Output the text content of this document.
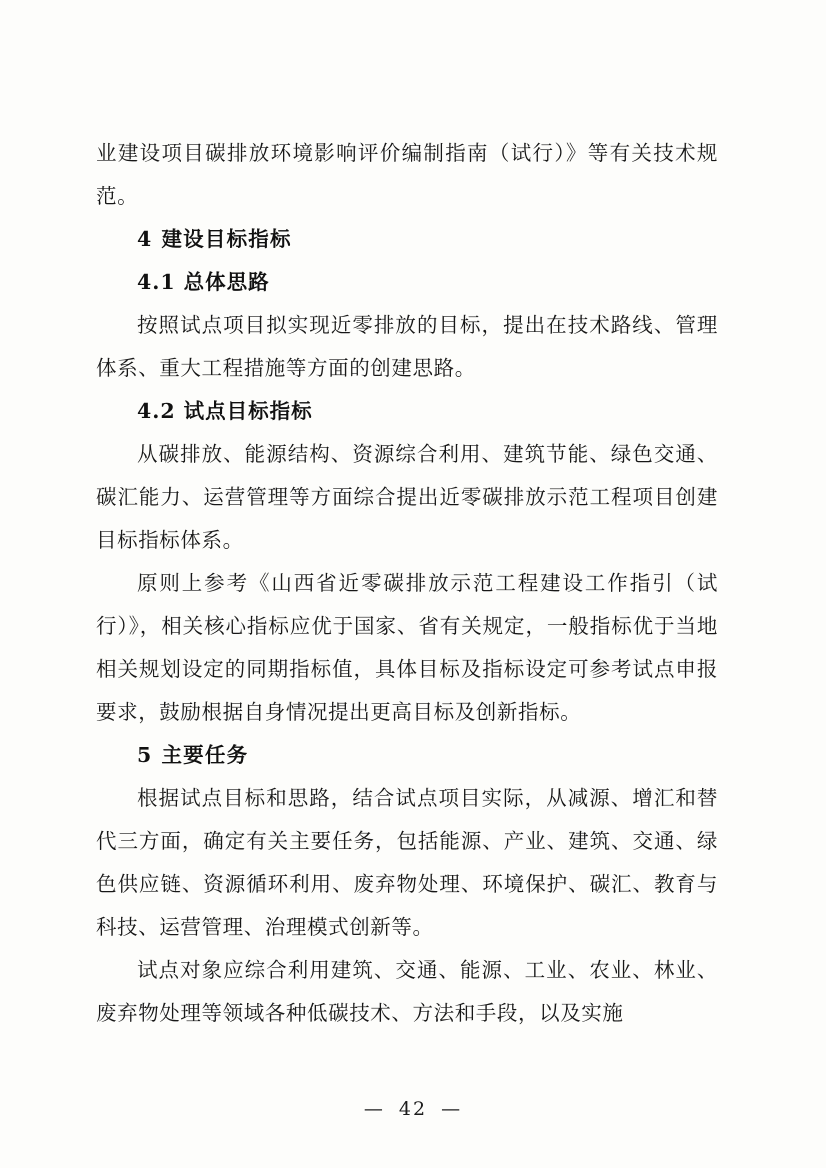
业建设项目碳排放环境影响评价编制指南（试行）》等有关技术规范。

4 建设目标指标
4.1 总体思路

按照试点项目拟实现近零排放的目标，提出在技术路线、管理体系、重大工程措施等方面的创建思路。

4.2 试点目标指标

从碳排放、能源结构、资源综合利用、建筑节能、绿色交通、碳汇能力、运营管理等方面综合提出近零碳排放示范工程项目创建目标指标体系。

原则上参考《山西省近零碳排放示范工程建设工作指引（试行）》，相关核心指标应优于国家、省有关规定，一般指标优于当地相关规划设定的同期指标值，具体目标及指标设定可参考试点申报要求，鼓励根据自身情况提出更高目标及创新指标。

5 主要任务

根据试点目标和思路，结合试点项目实际，从减源、增汇和替代三方面，确定有关主要任务，包括能源、产业、建筑、交通、绿色供应链、资源循环利用、废弃物处理、环境保护、碳汇、教育与科技、运营管理、治理模式创新等。

试点对象应综合利用建筑、交通、能源、工业、农业、林业、废弃物处理等领域各种低碳技术、方法和手段，以及实施

— 42 —
